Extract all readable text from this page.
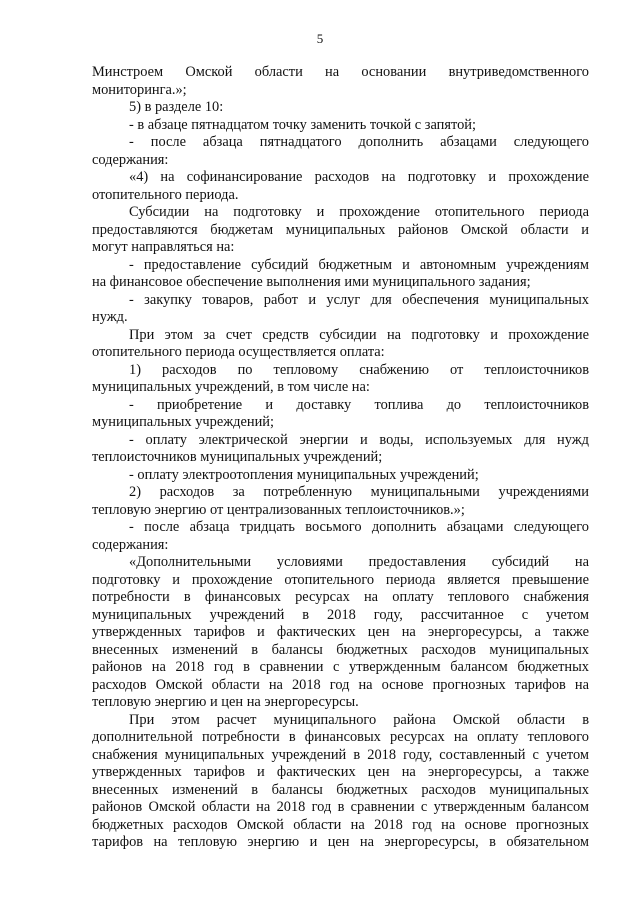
5

Минстроем Омской области на основании внутриведомственного

мониторинга.»;

5) в разделе 10:

- в абзаце пятнадцатом точку заменить точкой с запятой;

- после абзаца пятнадцатого дополнить абзацами следующего

содержания:

«4) на софинансирование расходов на подготовку и прохождение

отопительного периода.

Субсидии на подготовку и прохождение отопительного периода

предоставляются бюджетам муниципальных районов Омской области и

могут направляться на:

- предоставление субсидий бюджетным и автономным учреждениям

на финансовое обеспечение выполнения ими муниципального задания;

- закупку товаров, работ и услуг для обеспечения муниципальных

нужд.

При этом за счет средств субсидии на подготовку и прохождение

отопительного периода осуществляется оплата:

1) расходов по тепловому снабжению от теплоисточников

муниципальных учреждений, в том числе на:

- приобретение и доставку топлива до теплоисточников

муниципальных учреждений;

- оплату электрической энергии и воды, используемых для нужд

теплоисточников муниципальных учреждений;

- оплату электроотопления муниципальных учреждений;

2) расходов за потребленную муниципальными учреждениями

тепловую энергию от централизованных теплоисточников.»;

- после абзаца тридцать восьмого дополнить абзацами следующего

содержания:

«Дополнительными условиями предоставления субсидий на

подготовку и прохождение отопительного периода является превышение

потребности в финансовых ресурсах на оплату теплового снабжения

муниципальных учреждений в 2018 году, рассчитанное с учетом

утвержденных тарифов и фактических цен на энергоресурсы, а также

внесенных изменений в балансы бюджетных расходов муниципальных

районов на 2018 год в сравнении с утвержденным балансом бюджетных

расходов Омской области на 2018 год на основе прогнозных тарифов на

тепловую энергию и цен на энергоресурсы.

При этом расчет муниципального района Омской области в

дополнительной потребности в финансовых ресурсах на оплату теплового

снабжения муниципальных учреждений в 2018 году, составленный с учетом

утвержденных тарифов и фактических цен на энергоресурсы, а также

внесенных изменений в балансы бюджетных расходов муниципальных

районов Омской области на 2018 год в сравнении с утвержденным балансом

бюджетных расходов Омской области на 2018 год на основе прогнозных

тарифов на тепловую энергию и цен на энергоресурсы, в обязательном
